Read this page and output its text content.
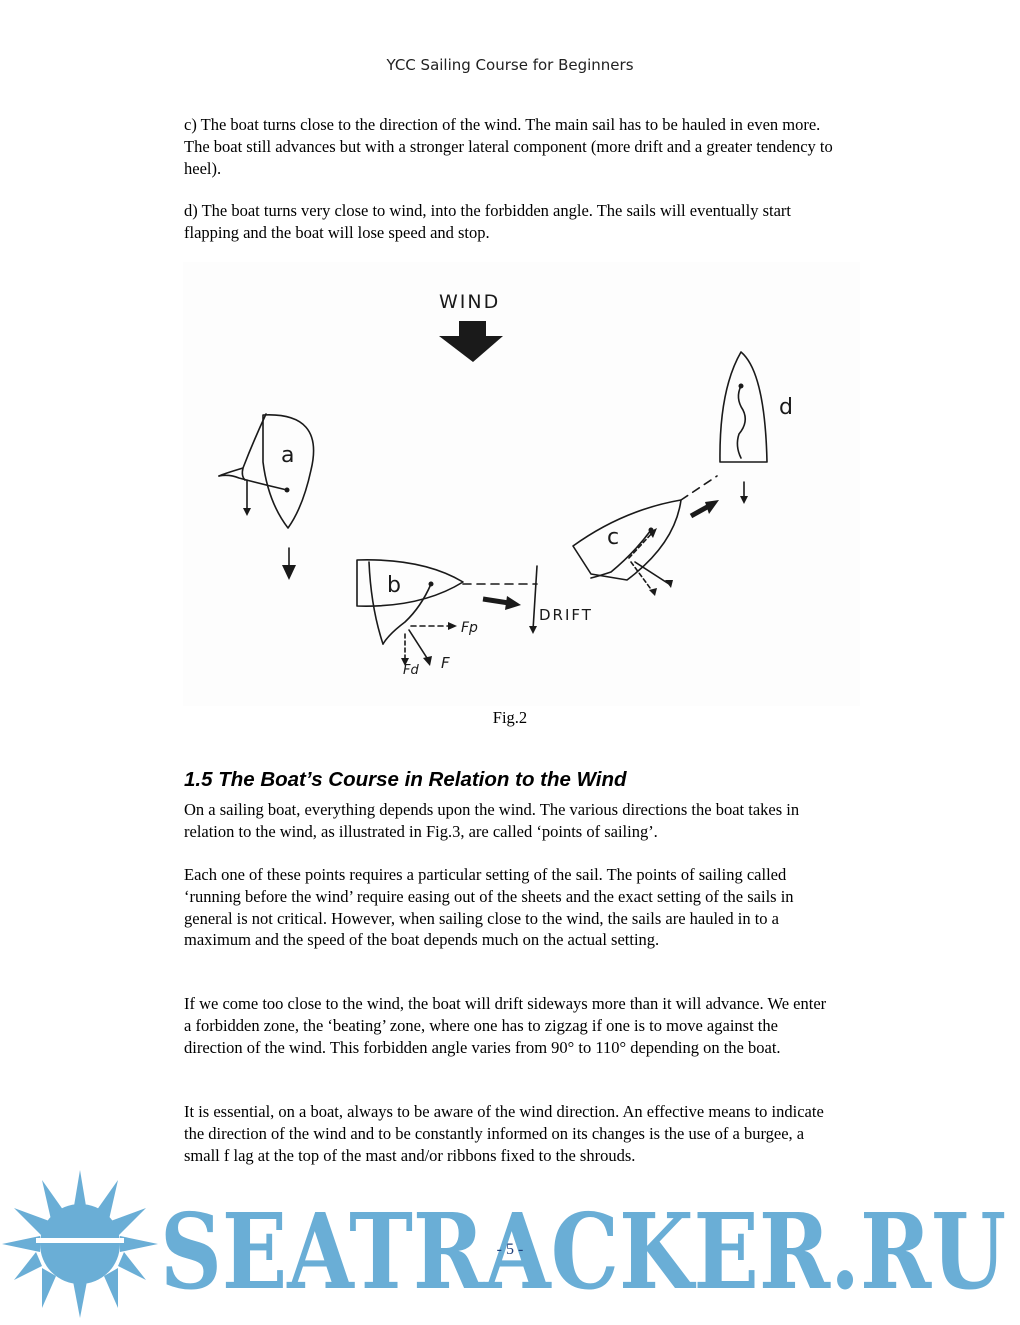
YCC Sailing Course for Beginners
c) The boat turns close to the direction of the wind. The main sail has to be hauled in even more. The boat still advances but with a stronger lateral component (more drift and a greater tendency to heel).
d) The boat turns very close to wind, into the forbidden angle. The sails will eventually start flapping and the boat will lose speed and stop.
WIND
a
b
DRIFT
Fp
Fd F
c
d
Fig.2
1.5 The Boat’s Course in Relation to the Wind
On a sailing boat, everything depends upon the wind. The various directions the boat takes in relation to the wind, as illustrated in Fig.3, are called ‘points of sailing’.
Each one of these points requires a particular setting of the sail. The points of sailing called ‘running before the wind’ require easing out of the sheets and the exact setting of the sails in general is not critical. However, when sailing close to the wind, the sails are hauled in to a maximum and the speed of the boat depends much on the actual setting.
If we come too close to the wind, the boat will drift sideways more than it will advance. We enter a forbidden zone, the ‘beating’ zone, where one has to zigzag if one is to move against the direction of the wind. This forbidden angle varies from 90° to 110° depending on the boat.
It is essential, on a boat, always to be aware of the wind direction. An effective means to indicate the direction of the wind and to be constantly informed on its changes is the use of a burgee, a small f lag at the top of the mast and/or ribbons fixed to the shrouds.
SEATRACKER.RU
- 5 -
